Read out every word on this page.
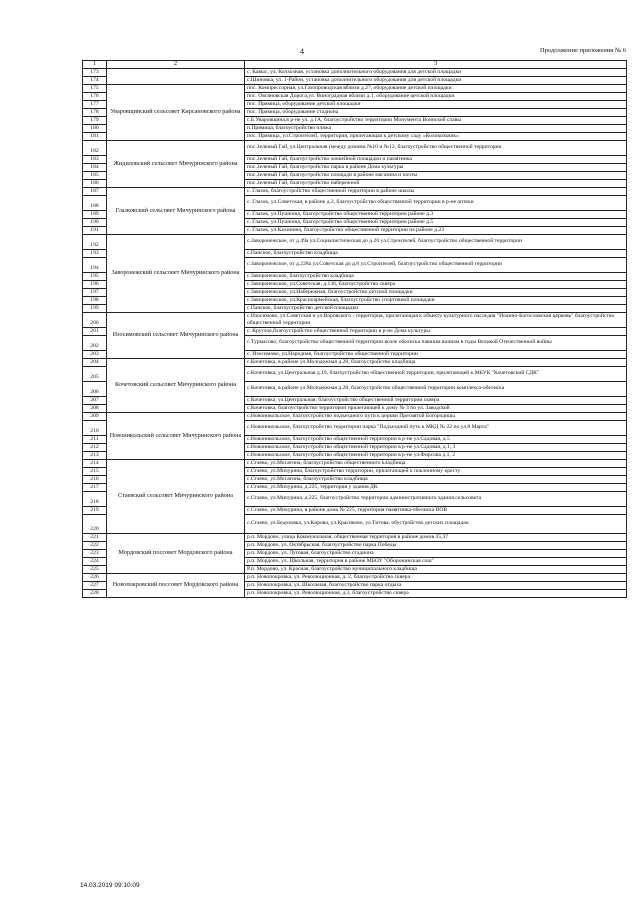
4	Продолжение приложения № 6
1	2	3
173		с. Кавыс, ул. Колхозная, установка дополнительного оборудования для детской площадки
174		с.Шиновка, ул. 1-Район, установка дополнительного оборудования для детской площадки
175	Уваровщинский сельсовет Кирсановского района	пос. Компрессорная, ул.Газопроводская вблизи д.27, оборудование детской площадки
176		пос. Овсяновская Дорога,ул. Виноградная вблизи д.1, оборудование детской площадки
177		пос. Прямица, оборудование детской площадки
178		пос. Прямица, оборудование стадиона
179		с.Б.Уваровщина,в р-не ул. д.1А, благоустройство территории Монумента Воинской славы
180		п.Прямица, благоустройство пляжа
181		пос. Прямица, ул.Строителей, территория, прилегающая к детскому саду «Колокольчик»
182	Жидиловский сельсовет Мичуринского района	пос.Зеленый Гай, ул.Центральная (между домами №10 и №12, благоустройство общественной территории
183		пос.Зеленый Гай, благоустройство хоккейной площадки и памятника
184		пос.Зеленый Гай, благоустройство парка в районе Дома культуры
185		пос.Зеленый Гай, благоустройство площади в районе магазина и почты
186		пос.Зеленый Гай, благоустройство набережной
187	Глазковский сельсовет Мичуринского района	с. Глазок, благоустройство общественной территории в районе школы
188		с. Глазок, ул.Советская, в районе д.2, благоустройство общественной территории в р-не аптеки
189		с. Глазок, ул.Пушкина, благоустройство общественной территории районе д.3
190		с. Глазок, ул.Пушкина, благоустройство общественной территории районе д.5
191		с. Глазок, ул.Калинина, благоустройство общественной территории па районе д.23
192	Заворонежский сельсовет Мичуринского района	с.Заворонежское, от д.49а ул.Социалистическая до д.20 ул.Строителей, благоустройство общественной территории
193		с.Панское, благоустройство кладбища
194		с.Заворонежское, от д.228а ул.Советская до д.8 ул.Строителей, благоустройство общественной территории
195		с.Заворонежское, благоустройство кладбища
196		с.Заворонежское, ул.Советская, д.136, благоустройство сквера
197		с.Заворонежское, ул.Набережная, благоустройство детской площадки
198		с.Заворонежское, ул.Красноармейская, благоустройство спортивной площадки
199		с.Панское, благоустройство детской площадки
200	Изосимовский сельсовет Мичуринского района	с.Изосимово, ул.Советская и ул.Воровского - территория, прилегающая к объекту культурного наследия "Иоанно-Богословская церковь" благоустройство общественной территории
201		с. Круглое,благоустройство общественной территории в р-не Дома культуры
202		с.Турмасово, благоустройство общественной территории возле обелиска павшим воинам в годы Великой Отечественной войны
203		с. Изосимово, ул.Народная, благоустройство общественной территории
204	Кочетовский сельсовет Мичуринского района	с.Кочетовка, в районе ул.Молодежная д.28, благоустройство кладбища
205		с.Кочетовка, ул.Центральная д.19, благоустройство общественной территории, прилегающей к МБУК "Кочетовский СДК"
206		с.Кочетовка, в районе ул.Молодежная д.28, благоустройство общественной территории комплекса-обелиска
207		с.Кочетовка, ул.Центральная, благоустройство общественной территории сквера
208		с.Кочетовка, благоустройство территории прилегающей к дому № 3 по ул. Заводской
209	Новоникольский сельсовет Мичуринского района	с.Новоникольское, благоустройство подъездного пути к церкви Пресвятой Богородицы
210		с.Новоникольское, благоустройство территории парка "Подъездной путь к МКД № 22 по ул.8 Марта"
211		с.Новоникольское, благоустройство общественной территории в р-не ул.Садовая, д.5
212		с.Новоникольское, благоустройство общественной территории в р-не ул.Садовая, д.1, 3
213		с.Новоникольское, благоустройство общественной территории в р-не ул.Фирсова д.1, 2
214	Стаевский сельсовет Мичуринского района	с.Стаево, ул.Мосягина, благоустройство общественного кладбища
215		с.Стаево, ул.Мичурина, благоустройство территории, прилегающей к поклонному кресту
216		с.Стаево, ул.Мосягина, благоустройство кладбища
217		с.Стаево, ул.Мичурина, д.225, территория у здания ДК
218		с.Стаево, ул.Мичурина, д.225, благоустройство территории административного здания сельсовета
219		с.Стаево, ул.Мичурина, в районе дома № 225, территория памятника-обелиска ВОВ
220		с.Стаево, ул.Бедозовка, ул.Кирова, ул.Красиково, ул.Титова, обустройство детских площадок
221	Мордовский поссовет Мордовского района	р.п. Мордово, улица Коммунальная, общественная территория в районе домов 35,37
222		р.п. Мордово, ул. Октябрьская, благоустройство парка Победы
223		р.п. Мордово, ул. Луговая, благоустройство стадиона
224		р.п. Мордово, ул. Школьная, территория в районе МБОУ "Оборонинская сош"
225		Р.п. Мордово, ул. Красная, благоустройство муниципального кладбища
226	Новопокровский поссовет Мордовского района	р.п. Новопокровка, ул. Революционная, д. 2, благоустройство сквера
227		р.п. Новопокровка, ул. Школьная, благоустройство парка отдыха
228		р.п. Новопокровка, ул. Революционная, д.3, благоустройство сквера
14.03.2019 09:10:09
